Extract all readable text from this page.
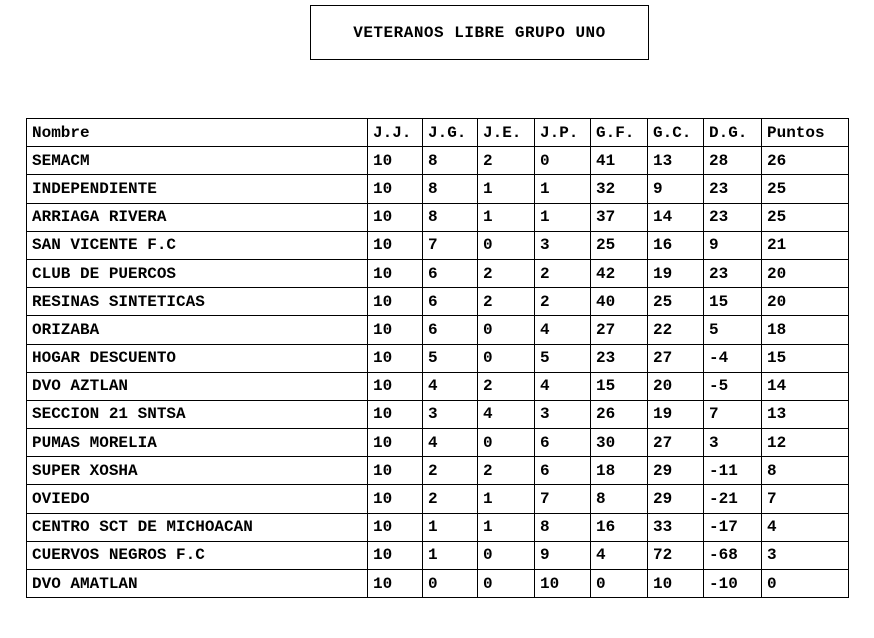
VETERANOS LIBRE GRUPO UNO
Nombre	J.J.	J.G.	J.E.	J.P.	G.F.	G.C.	D.G.	Puntos
SEMACM	10	8	2	0	41	13	28	26
INDEPENDIENTE	10	8	1	1	32	9	23	25
ARRIAGA RIVERA	10	8	1	1	37	14	23	25
SAN VICENTE F.C	10	7	0	3	25	16	9	21
CLUB DE PUERCOS	10	6	2	2	42	19	23	20
RESINAS SINTETICAS	10	6	2	2	40	25	15	20
ORIZABA	10	6	0	4	27	22	5	18
HOGAR DESCUENTO	10	5	0	5	23	27	-4	15
DVO AZTLAN	10	4	2	4	15	20	-5	14
SECCION 21 SNTSA	10	3	4	3	26	19	7	13
PUMAS MORELIA	10	4	0	6	30	27	3	12
SUPER XOSHA	10	2	2	6	18	29	-11	8
OVIEDO	10	2	1	7	8	29	-21	7
CENTRO SCT DE MICHOACAN	10	1	1	8	16	33	-17	4
CUERVOS NEGROS F.C	10	1	0	9	4	72	-68	3
DVO AMATLAN	10	0	0	10	0	10	-10	0
